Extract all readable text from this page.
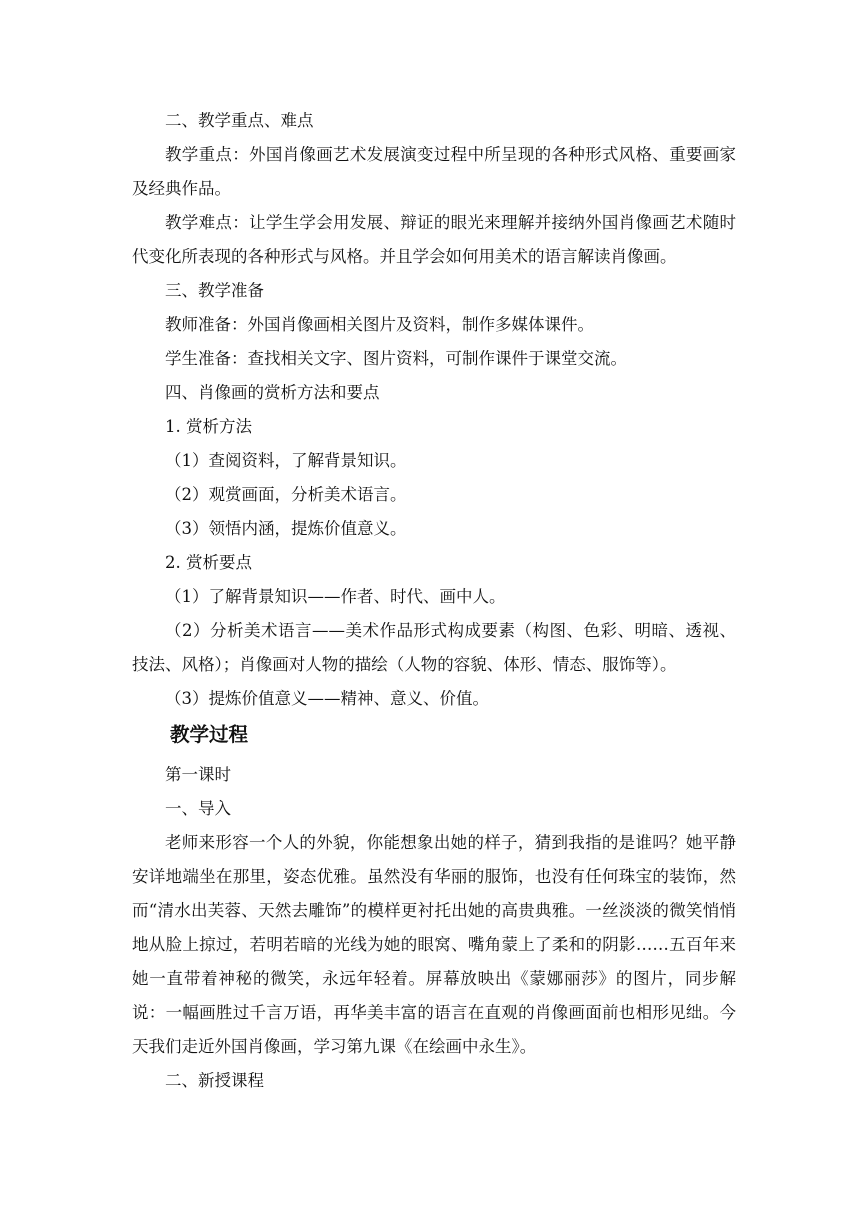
二、教学重点、难点

教学重点：外国肖像画艺术发展演变过程中所呈现的各种形式风格、重要画家及经典作品。

教学难点：让学生学会用发展、辩证的眼光来理解并接纳外国肖像画艺术随时代变化所表现的各种形式与风格。并且学会如何用美术的语言解读肖像画。

三、教学准备

教师准备：外国肖像画相关图片及资料，制作多媒体课件。

学生准备：查找相关文字、图片资料，可制作课件于课堂交流。

四、肖像画的赏析方法和要点

1. 赏析方法

（1）查阅资料，了解背景知识。

（2）观赏画面，分析美术语言。

（3）领悟内涵，提炼价值意义。

2. 赏析要点

（1）了解背景知识——作者、时代、画中人。

（2）分析美术语言——美术作品形式构成要素（构图、色彩、明暗、透视、技法、风格）；肖像画对人物的描绘（人物的容貌、体形、情态、服饰等）。

（3）提炼价值意义——精神、意义、价值。

教学过程

第一课时

一、导入

老师来形容一个人的外貌，你能想象出她的样子，猜到我指的是谁吗？她平静安详地端坐在那里，姿态优雅。虽然没有华丽的服饰，也没有任何珠宝的装饰，然而“清水出芙蓉、天然去雕饰”的模样更衬托出她的高贵典雅。一丝淡淡的微笑悄悄地从脸上掠过，若明若暗的光线为她的眼窝、嘴角蒙上了柔和的阴影……五百年来她一直带着神秘的微笑，永远年轻着。屏幕放映出《蒙娜丽莎》的图片，同步解说：一幅画胜过千言万语，再华美丰富的语言在直观的肖像画面前也相形见绌。今天我们走近外国肖像画，学习第九课《在绘画中永生》。

二、新授课程
